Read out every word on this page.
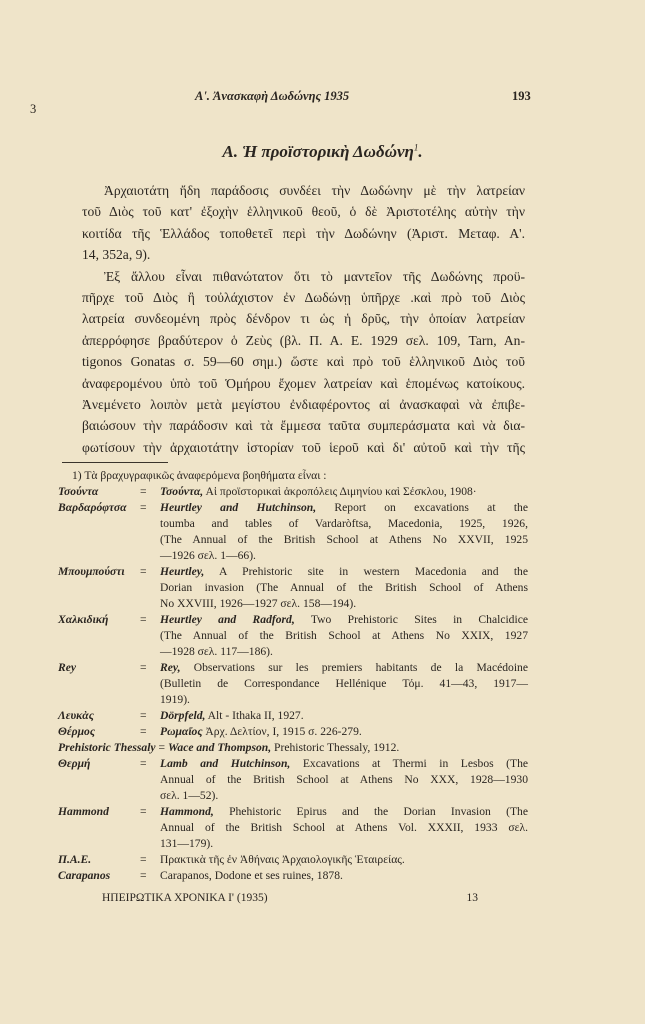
Α'. Ἀνασκαφὴ Δωδώνης 1935	193
3
Α. Ἡ προϊστορικὴ Δωδώνη$^1$.
Ἀρχαιοτάτη ἤδη παράδοσις συνδέει τὴν Δωδώνην μὲ τὴν λατρείαν
τοῦ Διὸς τοῦ κατ' ἐξοχὴν ἑλληνικοῦ θεοῦ, ὁ δὲ Ἀριστοτέλης αὐτὴν τὴν
κοιτίδα τῆς Ἑλλάδος τοποθετεῖ περὶ τὴν Δωδώνην (Ἀριστ. Μεταφ. Α'.
14, 352a, 9).
Ἐξ ἄλλου εἶναι πιθανώτατον ὅτι τὸ μαντεῖον τῆς Δωδώνης προϋ-
πῆρχε τοῦ Διὸς ἢ τοὐλάχιστον ἐν Δωδώνῃ ὑπῆρχε .καὶ πρὸ τοῦ Διὸς
λατρεία συνδεομένη πρὸς δένδρον τι ὡς ἡ δρῦς, τὴν ὁποίαν λατρείαν
ἀπερρόφησε βραδύτερον ὁ Ζεὺς (βλ. Π. Α. Ε. 1929 σελ. 109, Tarn, An-
tigonos Gonatas σ. 59—60 σημ.) ὥστε καὶ πρὸ τοῦ ἑλληνικοῦ Διὸς τοῦ
ἀναφερομένου ὑπὸ τοῦ Ὁμήρου ἔχομεν λατρείαν καὶ ἑπομένως κατοίκους.
Ἀνεμένετο λοιπὸν μετὰ μεγίστου ἐνδιαφέροντος αἱ ἀνασκαφαὶ νὰ ἐπιβε-
βαιώσουν τὴν παράδοσιν καὶ τὰ ἔμμεσα ταῦτα συμπεράσματα καὶ νὰ δια-
φωτίσουν τὴν ἀρχαιοτάτην ἱστορίαν τοῦ ἱεροῦ καὶ δι' αὐτοῦ καὶ τὴν τῆς
1) Τὰ βραχυγραφικῶς ἀναφερόμενα βοηθήματα εἶναι :
Τσούντα	=	Τσούντα, Αἱ προϊστορικαὶ ἀκροπόλεις Διμηνίου καὶ Σέσκλου, 1908·
Βαρδαρόφτσα	=	Heurtley and Hutchinson, Report on excavations at the
toumba and tables of Vardaròftsa, Macedonia, 1925, 1926,
(The Annual of the British School at Athens No XXVII, 1925
—1926 σελ. 1—66).
Μπουμπούστι	=	Heurtley, A Prehistoric site in western Macedonia and the
Dorian invasion (The Annual of the British School of Athens
No XXVIII, 1926—1927 σελ. 158—194).
Χαλκιδική	=	Heurtley and Radford, Two Prehistoric Sites in Chalcidice
(The Annual of the British School at Athens No XXIX, 1927
—1928 σελ. 117—186).
Rey	=	Rey, Observations sur les premiers habitants de la Macédoine
(Bulletin de Correspondance Hellénique Τόμ. 41—43, 1917—
1919).
Λευκὰς	=	Dörpfeld, Alt - Ithaka II, 1927.
Θέρμος	=	Ρωμαῖος Ἀρχ. Δελτίον, I, 1915 σ. 226-279.
Prehistoric Thessaly = Wace and Thompson, Prehistoric Thessaly, 1912.
Θερμή	=	Lamb and Hutchinson, Excavations at Thermi in Lesbos (The
Annual of the British School at Athens No XXX, 1928—1930
σελ. 1—52).
Hammond	=	Hammond, Phehistoric Epirus and the Dorian Invasion (The
Annual of the British School at Athens Vol. XXXII, 1933 σελ.
131—179).
Π.Α.Ε.	=	Πρακτικὰ τῆς ἐν Ἀθήναις Ἀρχαιολογικῆς Ἑταιρείας.
Carapanos	=	Carapanos, Dodone et ses ruines, 1878.
ΗΠΕΙΡΩΤΙΚΑ ΧΡΟΝΙΚΑ Ι' (1935)	13
